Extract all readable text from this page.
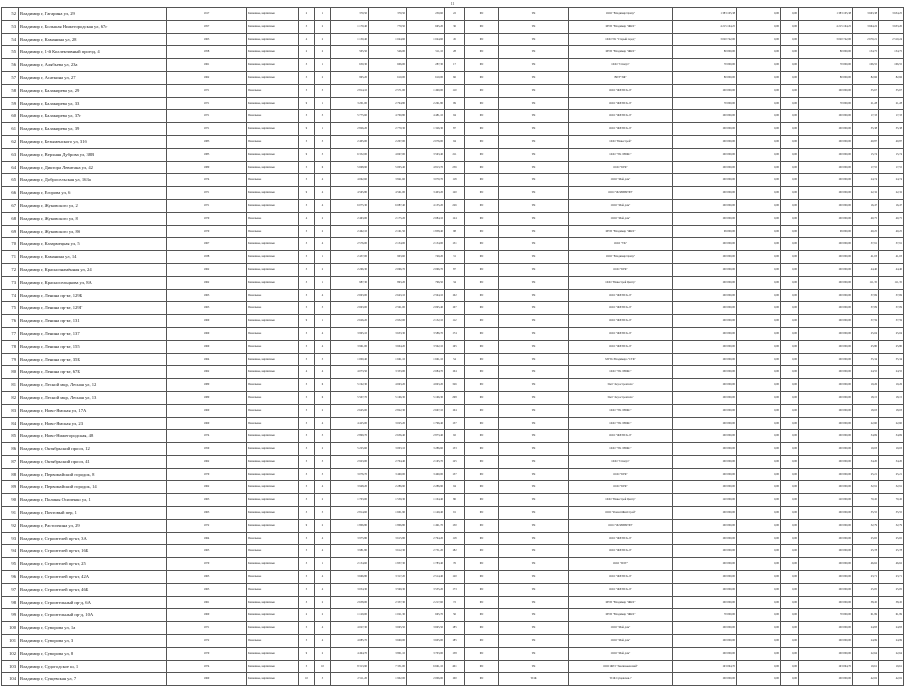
11
52	Владимир г, Гагарина ул, 29	1917	Каменные, кирпичные	2	1	370,50	370,50	230,60	22	РО	УК	ООО "Владимир Центр"	1 383 105,38	0,00	0,00	1 383 105,38	3 663,38	3 634,25
53	Владимир г, Большая Нижегородская ул, 67г	1957	Каменные, кирпичные	3	2	1 170,40	770,50	665,20	36	РО	УК	МУП "Владимир "ЖКХ"	4 215 164,25	0,00	0,00	4 215 164,25	3 664,22	3 633,20
54	Владимир г, Каманина ул, 28	1963	Каменные, кирпичные	4	2	1 150,40	1 044,60	1 044,60	45	РО	УК	ООО УК "Старый город"	3 020 742,00	0,00	0,00	3 020 742,00	2 670,21	2 510,24
55	Владимир г, 1-й Коллективный проезд, 4	1958	Каменные, кирпичные	2	2	505,50	546,00	511,10	28	РО	УК	МУП "Владимир "ЖКХ"	80 000,00	0,00	0,00	80 000,00	154,75	154,75
56	Владимир г, Алябьева ул, 23а	1961	Каменные, кирпичные	3	1	650,30	606,00	287,30	17	РО	УК	ООО "Стимул"	70 000,00	0,00	0,00	70 000,00	106,55	106,55
57	Владимир г, Асаткина ул, 27	1962	Каменные, кирпичные	3	2	995,20	610,00	610,00	66	РО	УК	ВПТ"ТЖ"	80 000,00	0,00	0,00	80 000,00	82,66	82,66
58	Владимир г, Балакирева ул, 29	1971	Панельные	5	3	2 814,10	2 571,00	1 490,00	110	РО	УК	ООО "ЖРЭП №-9"	100 000,00	0,00	0,00	100 000,00	35,67	35,67
59	Владимир г, Балакирева ул, 33	1971	Каменные, кирпичные	9	1	3 201,00	2 794,80	2 261,80	99	РО	УК	ООО "ЖРЭП №-9"	70 000,00	0,00	0,00	70 000,00	21,28	21,28
60	Владимир г, Балакирева ул, 37г	1971	Панельные	5	3	5 775,60	4 700,80	4 481,10	94	РО	УК	ООО "ЖРЭП №-9"	100 000,00	0,00	0,00	100 000,00	17,33	17,33
61	Владимир г, Балакирева ул, 39	1971	Каменные, кирпичные	9	1	2 826,20	2 770,30	1 326,30	87	РО	УК	ООО "ЖРЭП №-9"	100 000,00	0,00	0,00	100 000,00	35,38	35,38
62	Владимир г, Безыменского ул, 31б	1983	Панельные	5	3	2 405,00	2 207,00	2 076,00	94	РО	УК	ООО "Инвестрой"	100 000,00	0,00	0,00	100 000,00	40,87	40,87
63	Владимир г, Верхняя Дуброва ул, 38В	1985	Каменные, кирпичные	9	3	6 352,00	4 697,00	3 563,40	211	РО	УК	ООО "УК ЛЮКС"	100 000,00	0,00	0,00	100 000,00	15,74	15,74
64	Владимир г, Диктора Левитана ул, 42	1980	Каменные, кирпичные	5	6	5 698,90	5 005,40	4 813,70	256	РО	УК	ООО "БУК"	100 000,00	0,00	0,00	100 000,00	17,55	17,55
65	Владимир г, Добросельская ул, 163а	1974	Панельные	5	4	4 062,60	3 841,60	3 070,70	118	РО	УК	ООО "Мой дом"	100 000,00	0,00	0,00	100 000,00	24,74	24,74
66	Владимир г, Егорова ул, 6	1971	Каменные, кирпичные	9	4	4 565,80	4 561,00	3 403,20	120	РО	УК	ООО "ЖЭЛИВРЭП"	100 000,00	0,00	0,00	100 000,00	22,32	22,32
67	Владимир г, Жуковского ул, 2	1971	Каменные, кирпичные	5	4	6 075,30	6 087,40	4 135,20	226	РО	УК	ООО "Мой дом"	100 000,00	0,00	0,00	100 000,00	16,47	16,47
68	Владимир г, Жуковского ул, 8	1970	Панельные	4	2	2 463,00	2 175,20	2 084,10	124	РО	УК	ООО "Мой дом"	100 000,00	0,00	0,00	100 000,00	40,75	40,75
69	Владимир г, Жуковского ул, 8б	1970	Панельные	5	2	2 462,10	2 161,50	1 858,40	98	РО	УК	МУП "Владимир "ЖКХ"	99 000,00	0,00	0,00	99 000,00	40,25	40,25
70	Владимир г, Казармецкая ул, 5	1967	Каменные, кирпичные	3	4	2 576,00	2 134,00	2 134,00	131	РО	УК	ООО "УК"	100 000,00	0,00	0,00	100 000,00	37,91	37,91
71	Владимир г, Каманина ул, 14	1938	Каменные, кирпичные	5	1	2 437,00	903,60	749,20	31	РО	УК	ООО "Владимир Центр"	100 000,00	0,00	0,00	100 000,00	41,03	41,03
72	Владимир г, Краснознамённая ул, 24	1962	Каменные, кирпичные	3	2	2 266,30	2 066,70	2 066,70	87	РО	УК	ООО "БУК"	100 000,00	0,00	0,00	100 000,00	44,40	44,40
73	Владимир г, Красносельцкова ул, 8А	1962	Каменные, кирпичные	3	1	987,30	893,20	796,50	34	РО	УК	ООО "Инвестрой Центр"	100 000,00	0,00	0,00	100 000,00	111,35	111,35
74	Владимир г, Ленина пр-кт, 129Б	1963	Панельные	5	4	2 693,00	2 643,10	2 594,10	102	РО	УК	ООО "ЖРЭП №-9"	100 000,00	0,00	0,00	100 000,00	37,69	37,69
75	Владимир г, Ленина пр-кт, 129Г	1963	Панельные	5	3	2 693,00	2 591,00	2 095,40	107	РО	УК	ООО "ЖРЭП №-9"	100 000,00	0,00	0,00	100 000,00	37,09	37,09
76	Владимир г, Ленина пр-кт, 131	1969	Каменные, кирпичные	9	1	2 626,20	2 932,00	2 132,10	112	РО	УК	ООО "ЖРЭП №-9"	100 000,00	0,00	0,00	100 000,00	37,59	37,59
77	Владимир г, Ленина пр-кт, 137	1969	Панельные	5	4	3 995,10	3 633,30	3 586,70	174	РО	УК	ООО "ЖРЭП №-9"	100 000,00	0,00	0,00	100 000,00	25,04	25,04
78	Владимир г, Ленина пр-кт, 155	1969	Панельные	5	4	3 961,00	3 604,20	3 592,10	165	РО	УК	ООО "ЖРЭП №-9"	100 000,00	0,00	0,00	100 000,00	25,80	25,80
79	Владимир г, Ленина пр-кт, 35Б	1964	Каменные, кирпичные	5	3	1 000,40	1 661,10	1 661,10	54	РО	УК	МУП г.Владимира "СТК"	100 000,00	0,00	0,00	100 000,00	55,34	55,34
80	Владимир г, Ленина пр-кт, 67Б	1962	Каменные, кирпичные	4	4	4 073,50	3 333,00	2 084,70	104	РО	УК	ООО "УК ЛЮКС"	100 000,00	0,00	0,00	100 000,00	24,55	24,55
81	Владимир г, Лесной мкр, Лесная ул, 12	1980	Панельные	5	6	5 192,30	4 693,20	4 693,20	326	РО	УК	ЗАО "Агростроитель"	100 000,00	0,00	0,00	100 000,00	19,26	19,26
82	Владимир г, Лесной мкр, Лесная ул, 13	1980	Панельные	5	6	5 507,70	5 166,30	5 166,30	298	РО	УК	ЗАО "Агростроитель"	100 000,00	0,00	0,00	100 000,00	18,15	18,15
83	Владимир г, Ново-Ямская ул, 17А	1960	Панельные	5	2	2 645,00	2 822,30	2 667,10	104	РО	УК	ООО "УК ЛЮКС"	100 000,00	0,00	0,00	100 000,00	18,03	18,03
84	Владимир г, Ново-Ямская ул, 23	1960	Панельные	5	4	4 425,00	3 025,20	1 796,40	157	РО	УК	ООО "УК ЛЮКС"	100 000,00	0,00	0,00	100 000,00	22,60	22,60
85	Владимир г, Ново-Нижегородская, 48	1974	Каменные, кирпичные	5	3	2 899,70	2 636,40	2 873,40	92	РО	УК	ООО "ЖРЭП №-9"	100 000,00	0,00	0,00	100 000,00	34,69	34,69
86	Владимир г, Октябрьский просп, 12	1959	Каменные, кирпичные	3	2	5 225,60	3 003,10	3 286,60	133	РО	УК	ООО "УК ЛЮКС"	100 000,00	0,00	0,00	100 000,00	19,03	19,03
87	Владимир г, Октябрьский просп, 41	1962	Каменные, кирпичные	5	3	2 923,00	2 704,40	2 165,70	125	РО	УК	ООО "Стимул"	100 000,00	0,00	0,00	100 000,00	34,20	34,20
88	Владимир г, Первомайский городок, 8	1979	Каменные, кирпичные	3	3	3 076,70	3 460,00	3 460,00	137	РО	УК	ООО "БУК"	100 000,00	0,00	0,00	100 000,00	25,21	25,21
89	Владимир г, Первомайский городок, 14	1962	Каменные, кирпичные	5	4	3 948,20	2 286,90	2 286,90	94	РО	УК	ООО "БУК"	100 000,00	0,00	0,00	100 000,00	32,91	32,91
90	Владимир г, Полины Осипенко ул, 1	1963	Каменные, кирпичные	3	2	1 703,00	1 559,30	1 104,40	86	РО	УК	ООО "Инвестрой Центр"	120 000,00	0,00	0,00	120 000,00	70,45	70,45
91	Владимир г, Почтовый пер, 1	1963	Каменные, кирпичные	3	3	2 814,60	1 601,90	1 149,40	91	РО	УК	ООО "РемонтЖилСтрой"	100 000,00	0,00	0,00	100 000,00	35,55	35,55
92	Владимир г, Растопчина ул, 29	1972	Каменные, кирпичные	9	2	1 806,80	1 806,80	1 491,70	130	РО	УК	ООО "ЖЭЛИВРЭП"	100 000,00	0,00	0,00	100 000,00	32,79	32,79
93	Владимир г, Строителей пр-кт, 3А	1964	Панельные	5	4	3 975,80	3 615,80	2 794,20	118	РО	УК	ООО "ЖРЭП №-9"	100 000,00	0,00	0,00	100 000,00	25,65	25,65
94	Владимир г, Строителей пр-кт, 16Б	1965	Панельные	5	4	3 981,80	3 612,30	2 751,20	182	РО	УК	ООО "ЖРЭП №-9"	100 000,00	0,00	0,00	100 000,00	25,78	25,78
95	Владимир г, Строителей пр-кт, 25	1970	Каменные, кирпичные	3	1	2 154,60	1 837,30	1 783,40	76	РО	УК	ООО "ПЛУ"	100 000,00	0,00	0,00	100 000,00	46,62	46,62
96	Владимир г, Строителей пр-кт, 42А	1965	Панельные	5	4	3 666,80	3 317,20	2 514,40	120	РО	УК	ООО "ЖРЭП №-9"	100 000,00	0,00	0,00	100 000,00	23,71	23,71
97	Владимир г, Строителей пр-кт, 46Б	1965	Панельные	5	4	3 054,30	3 599,30	3 535,20	173	РО	УК	ООО "ЖРЭП №-9"	100 000,00	0,00	0,00	100 000,00	25,05	25,05
98	Владимир г, Строительный пр-д, 6А	1961	Каменные, кирпичные	3	2	2 658,00	2 337,30	2 217,60	72	РО	УК	МУП "Владимир "ЖКХ"	100 000,00	0,00	0,00	100 000,00	38,45	38,45
99	Владимир г, Строительный пр-д, 10А	1960	Каменные, кирпичные	2	2	1 129,00	1 021,30	665,70	56	РО	УК	МУП "Владимир "ЖКХ"	70 000,00	0,00	0,00	70 000,00	61,99	61,99
100	Владимир г, Суворова ул, 1а	1971	Каменные, кирпичные	5	4	4 027,30	3 695,50	3 695,50	185	РО	УК	ООО "Мой дом"	100 000,00	0,00	0,00	100 000,00	24,83	24,83
101	Владимир г, Суворова ул, 3	1972	Панельные	5	4	4 085,70	3 660,00	3 605,00	185	РО	УК	ООО "Мой дом"	100 000,00	0,00	0,00	100 000,00	24,99	24,99
102	Владимир г, Суворова ул, 8	1970	Каменные, кирпичные	9	2	4 494,70	3 801,10	3 703,00	158	РО	УК	ООО "Мой дом"	100 000,00	0,00	0,00	100 000,00	22,64	22,64
103	Владимир г, Судогодское ш, 1	1974	Каменные, кирпичные	5	10	8 313,90	7 331,00	6 661,10	401	РО	УК	ООО ЖЕЗ "Заклязьменский"	163 064,70	0,00	0,00	163 064,70	19,61	19,61
104	Владимир г, Сущевская ул, 7	1960	Каменные, кирпичные	10	3	2 511,20	1 902,00	2 006,00	100	РО	ТСЖ	ТСЖ Сущевская-7	100 000,00	0,00	0,00	100 000,00	42,02	42,02
